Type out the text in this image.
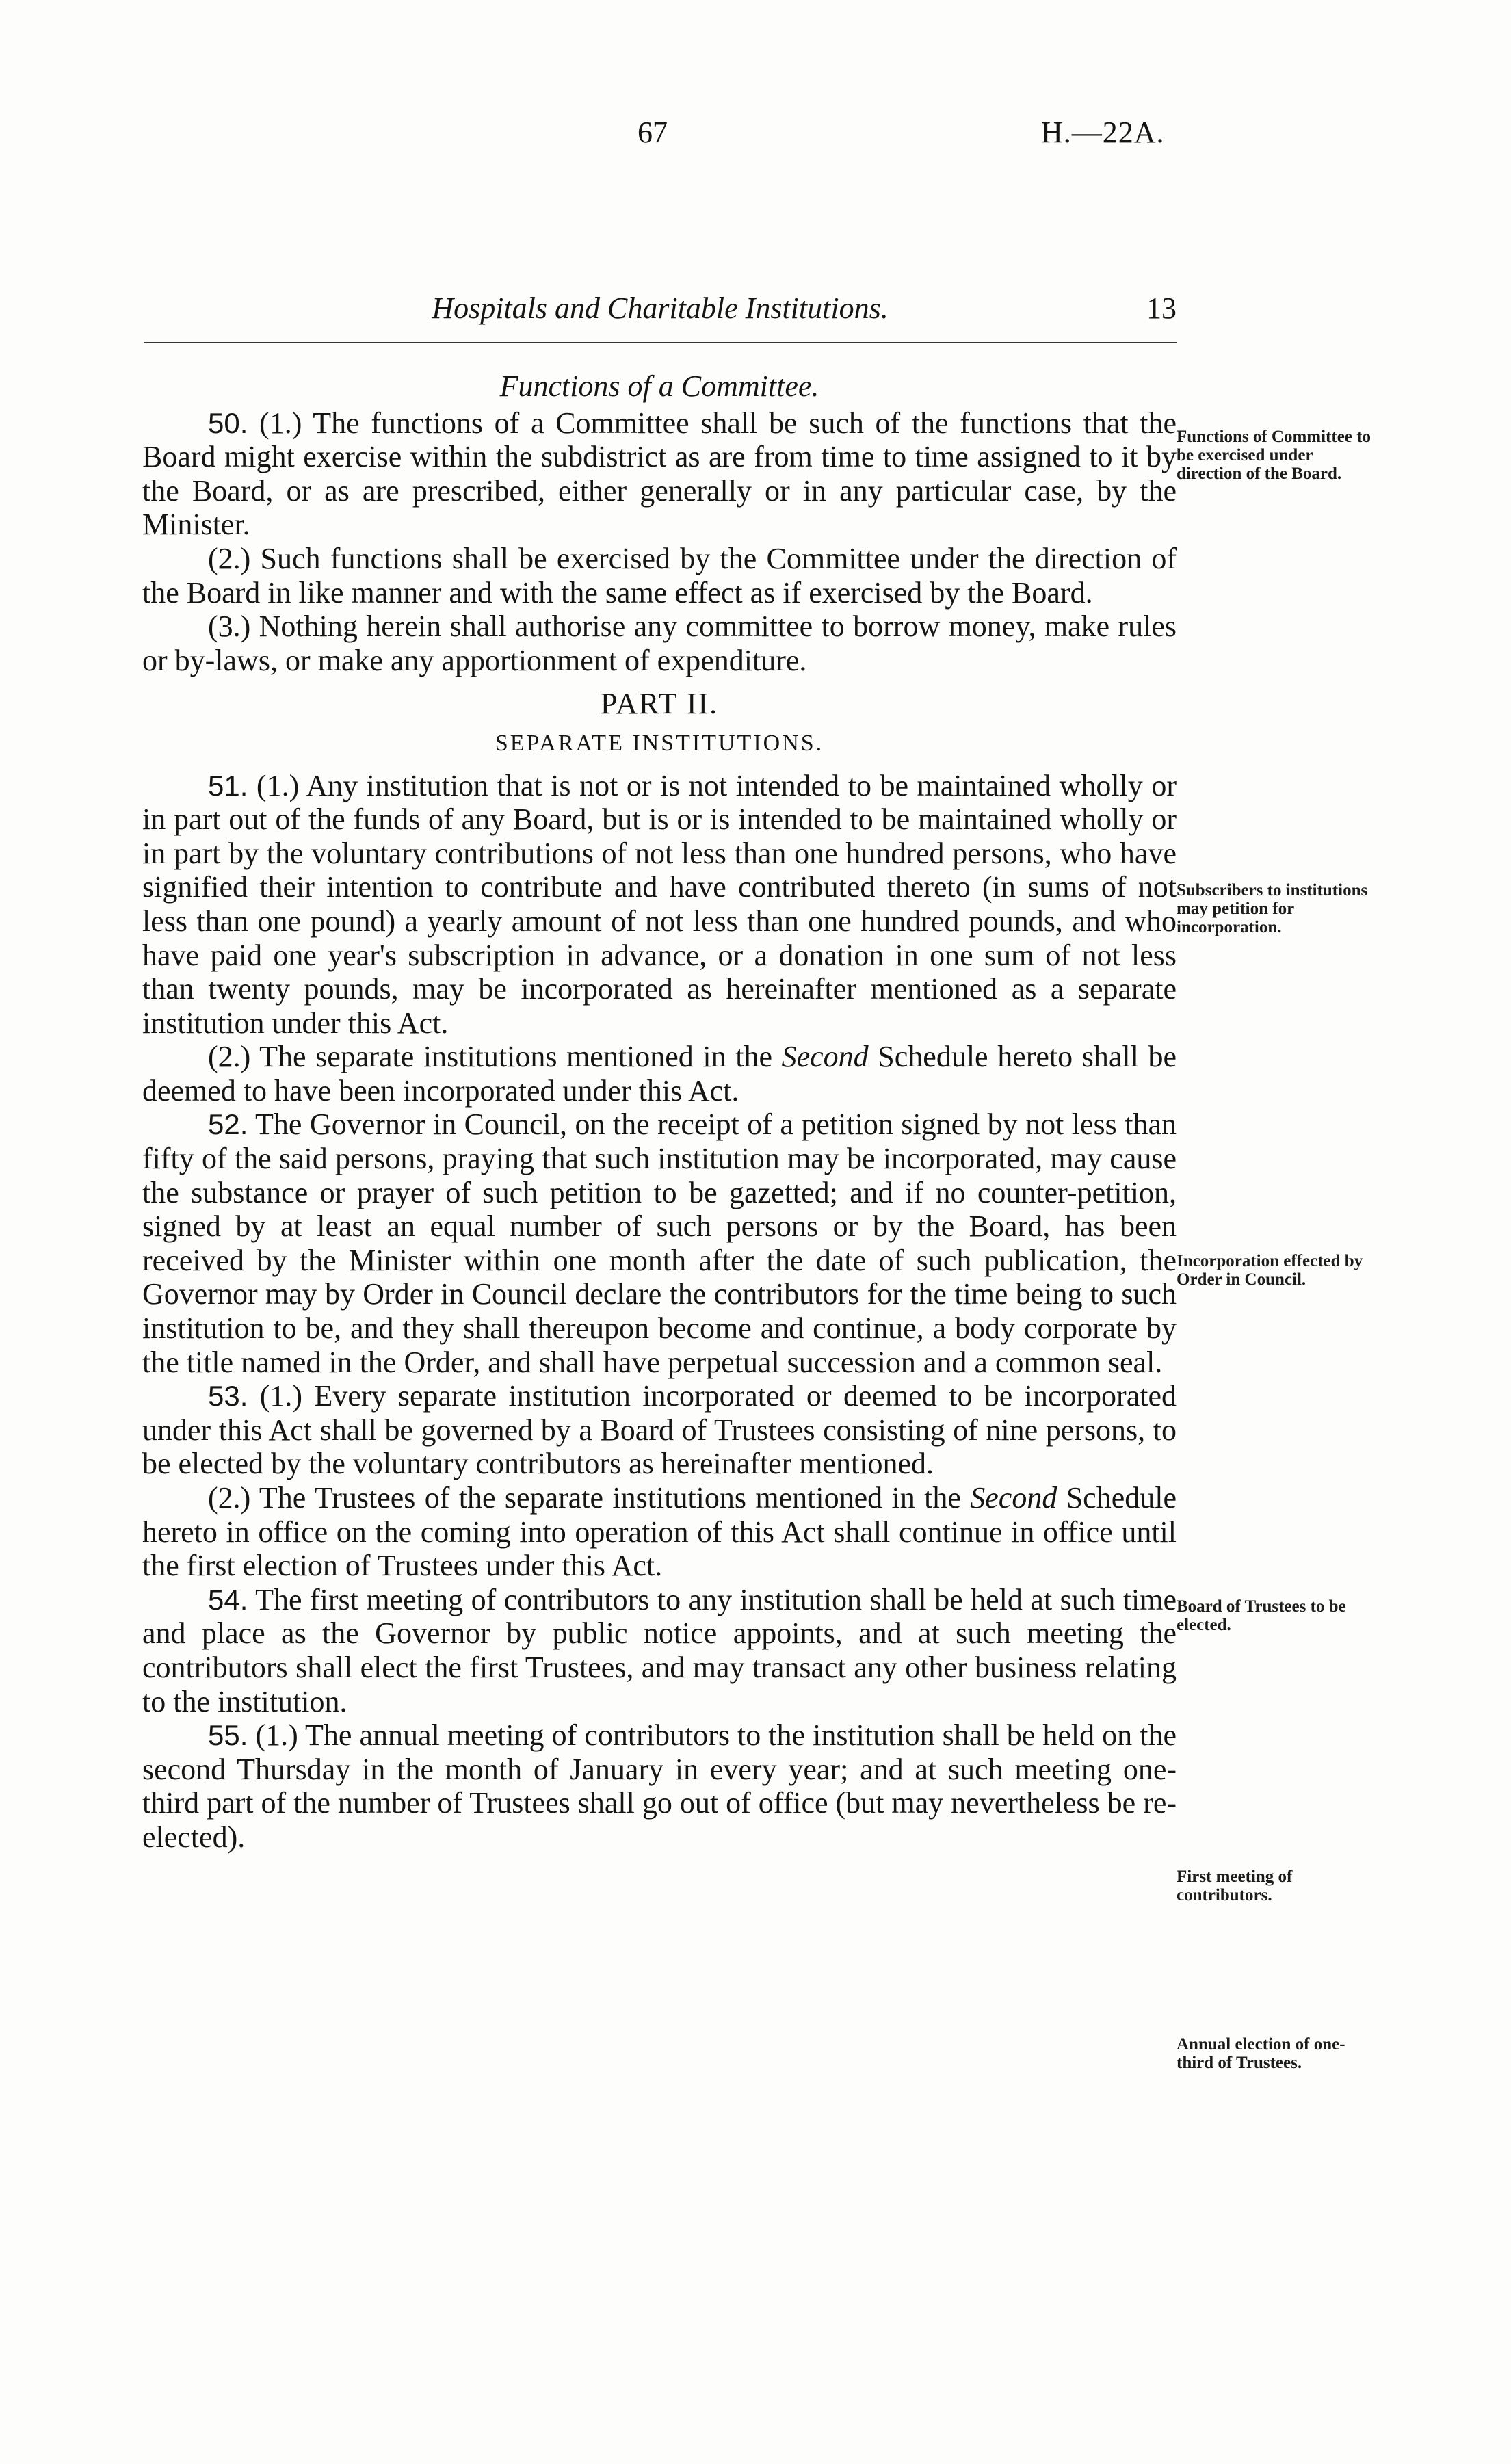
67	H.—22A.
Hospitals and Charitable Institutions.	13

Functions of a Committee.

50. (1.) The functions of a Committee shall be such of the functions that the Board might exercise within the subdistrict as are from time to time assigned to it by the Board, or as are prescribed, either generally or in any particular case, by the Minister.

(2.) Such functions shall be exercised by the Committee under the direction of the Board in like manner and with the same effect as if exercised by the Board.

(3.) Nothing herein shall authorise any committee to borrow money, make rules or by-laws, or make any apportionment of expenditure.

PART II.

SEPARATE INSTITUTIONS.

51. (1.) Any institution that is not or is not intended to be maintained wholly or in part out of the funds of any Board, but is or is intended to be maintained wholly or in part by the voluntary contributions of not less than one hundred persons, who have signified their intention to contribute and have contributed thereto (in sums of not less than one pound) a yearly amount of not less than one hundred pounds, and who have paid one year's subscription in advance, or a donation in one sum of not less than twenty pounds, may be incorporated as hereinafter mentioned as a separate institution under this Act.

(2.) The separate institutions mentioned in the Second Schedule hereto shall be deemed to have been incorporated under this Act.

52. The Governor in Council, on the receipt of a petition signed by not less than fifty of the said persons, praying that such institution may be incorporated, may cause the substance or prayer of such petition to be gazetted; and if no counter-petition, signed by at least an equal number of such persons or by the Board, has been received by the Minister within one month after the date of such publication, the Governor may by Order in Council declare the contributors for the time being to such institution to be, and they shall thereupon become and continue, a body corporate by the title named in the Order, and shall have perpetual succession and a common seal.

53. (1.) Every separate institution incorporated or deemed to be incorporated under this Act shall be governed by a Board of Trustees consisting of nine persons, to be elected by the voluntary contributors as hereinafter mentioned.

(2.) The Trustees of the separate institutions mentioned in the Second Schedule hereto in office on the coming into operation of this Act shall continue in office until the first election of Trustees under this Act.

54. The first meeting of contributors to any institution shall be held at such time and place as the Governor by public notice appoints, and at such meeting the contributors shall elect the first Trustees, and may transact any other business relating to the institution.

55. (1.) The annual meeting of contributors to the institution shall be held on the second Thursday in the month of January in every year; and at such meeting one-third part of the number of Trustees shall go out of office (but may nevertheless be re-elected).

Functions of Committee to be exercised under direction of the Board.
Subscribers to institutions may petition for incorporation.
Incorporation effected by Order in Council.
Board of Trustees to be elected.
First meeting of contributors.
Annual election of one-third of Trustees.
